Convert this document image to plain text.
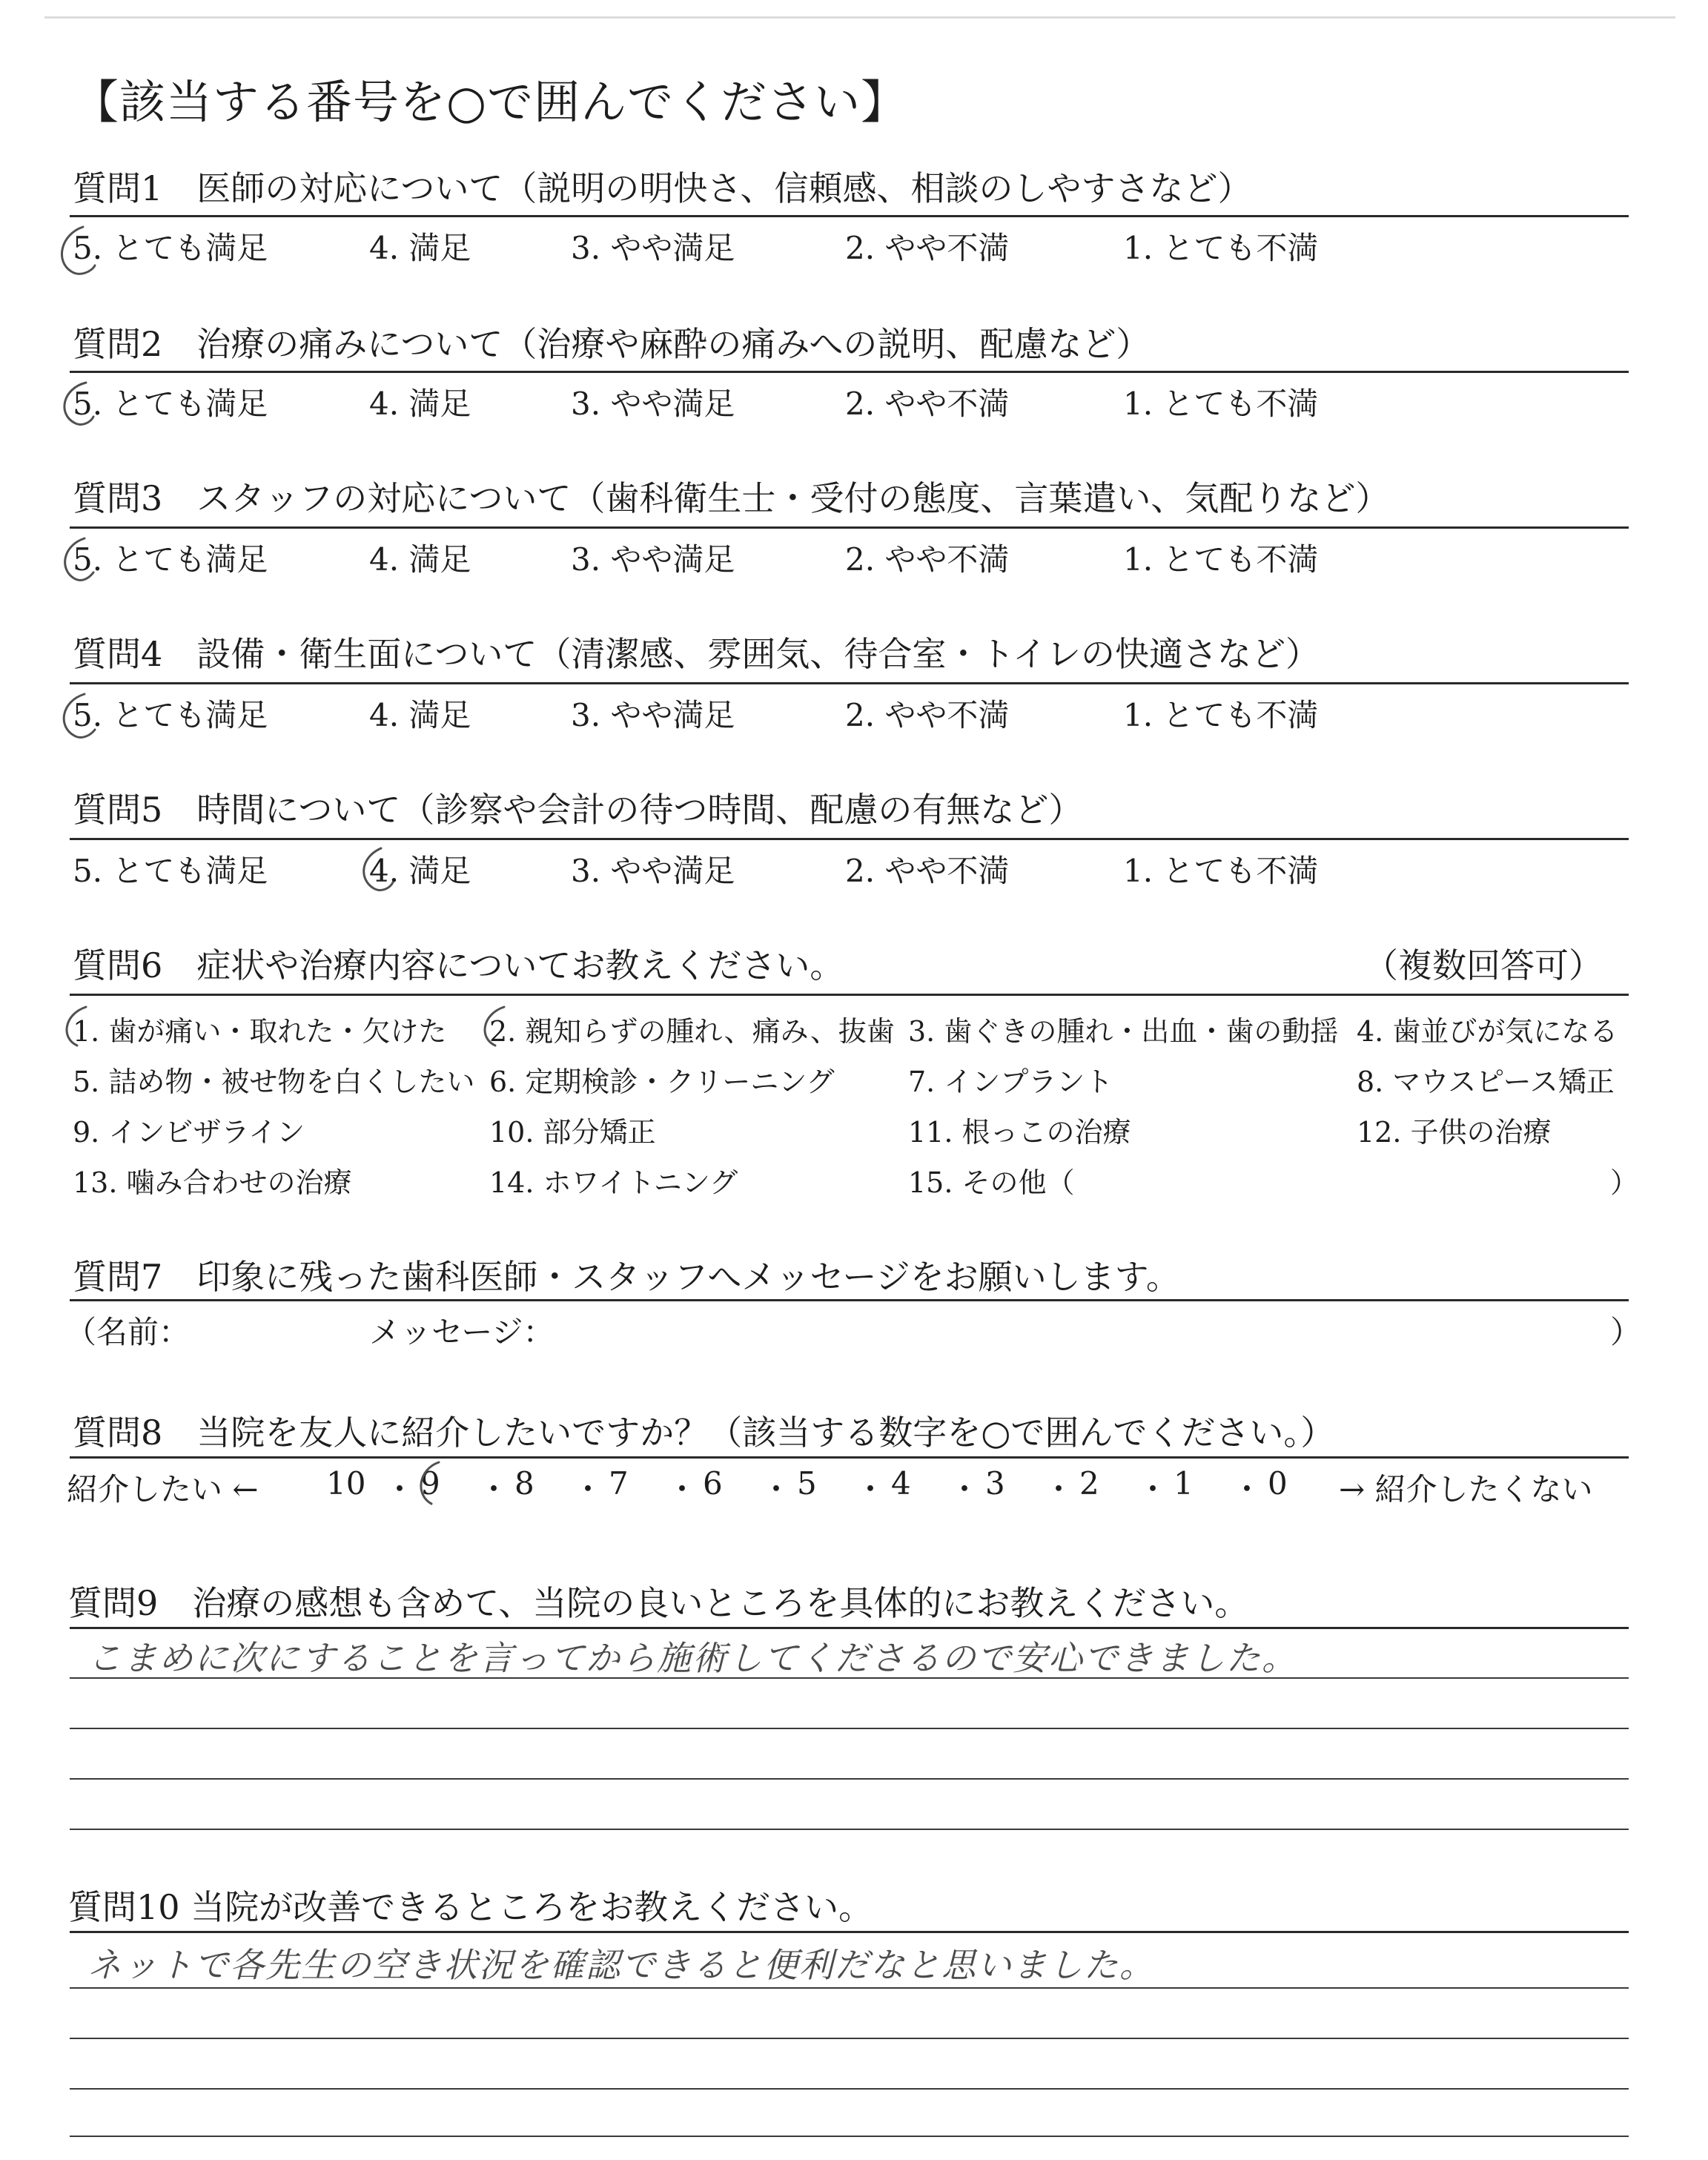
【該当する番号を○で囲んでください】
質問1　医師の対応について（説明の明快さ、信頼感、相談のしやすさなど）
5. とても満足	4. 満足	3. やや満足	2. やや不満	1. とても不満
質問2　治療の痛みについて（治療や麻酔の痛みへの説明、配慮など）
5. とても満足	4. 満足	3. やや満足	2. やや不満	1. とても不満
質問3　スタッフの対応について（歯科衛生士・受付の態度、言葉遣い、気配りなど）
5. とても満足	4. 満足	3. やや満足	2. やや不満	1. とても不満
質問4　設備・衛生面について（清潔感、雰囲気、待合室・トイレの快適さなど）
5. とても満足	4. 満足	3. やや満足	2. やや不満	1. とても不満
質問5　時間について（診察や会計の待つ時間、配慮の有無など）
5. とても満足	4. 満足	3. やや満足	2. やや不満	1. とても不満
質問6　症状や治療内容についてお教えください。	（複数回答可）
1. 歯が痛い・取れた・欠けた 2. 親知らずの腫れ、痛み、抜歯 3. 歯ぐきの腫れ・出血・歯の動揺 4. 歯並びが気になる
5. 詰め物・被せ物を白くしたい 6. 定期検診・クリーニング	7. インプラント	8. マウスピース矯正
9. インビザライン	10. 部分矯正	11. 根っこの治療	12. 子供の治療
13. 噛み合わせの治療	14. ホワイトニング	15. その他（	）
質問7　印象に残った歯科医師・スタッフへメッセージをお願いします。
（名前：	メッセージ：	）
質問8　当院を友人に紹介したいですか？（該当する数字を○で囲んでください。）
紹介したい ← 10 ・ 9 ・ 8 ・ 7 ・ 6 ・ 5 ・ 4 ・ 3 ・ 2 ・ 1 ・ 0 → 紹介したくない
質問9　治療の感想も含めて、当院の良いところを具体的にお教えください。
こまめに次にすることを言ってから施術してくださるので安心できました。
質問10 当院が改善できるところをお教えください。
ネットで各先生の空き状況を確認できると便利だなと思いました。
